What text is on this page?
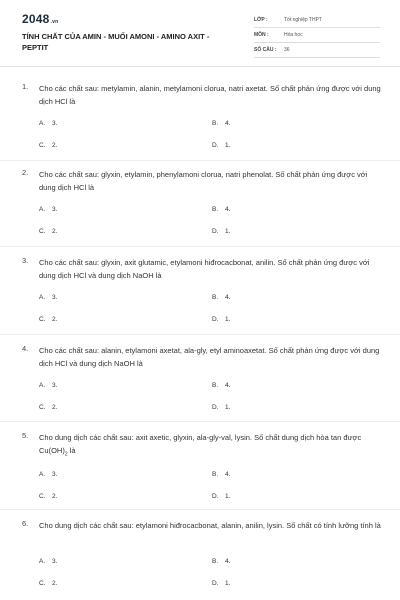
2048.vn
TÍNH CHẤT CỦA AMIN - MUỐI AMONI - AMINO AXIT - PEPTIT
LỚP :	Tốt nghiệp THPT
MÔN :	Hóa học
SỐ CÂU : 36
1. Cho các chất sau: metylamin, alanin, metylamoni clorua, natri axetat. Số chất phản ứng được với dung dịch HCl là
A. 3.	B. 4.
C. 2.	D. 1.
2. Cho các chất sau: glyxin, etylamin, phenylamoni clorua, natri phenolat. Số chất phản ứng được với dung dịch HCl là
A. 3.	B. 4.
C. 2.	D. 1.
3. Cho các chất sau: glyxin, axit glutamic, etylamoni hiđrocacbonat, anilin. Số chất phản ứng được với dung dịch HCl và dung dịch NaOH là
A. 3.	B. 4.
C. 2.	D. 1.
4. Cho các chất sau: alanin, etylamoni axetat, ala-gly, etyl aminoaxetat. Số chất phản ứng được với dung dịch HCl và dung dịch NaOH là
A. 3.	B. 4.
C. 2.	D. 1.
5. Cho dung dịch các chất sau: axit axetic, glyxin, ala-gly-val, lysin. Số chất dung dịch hòa tan được $Cu(OH)_2$ là
A. 3.	B. 4.
C. 2.	D. 1.
6. Cho dung dịch các chất sau: etylamoni hiđrocacbonat, alanin, anilin, lysin. Số chất có tính lưỡng tính là
A. 3.	B. 4.
C. 2.	D. 1.
